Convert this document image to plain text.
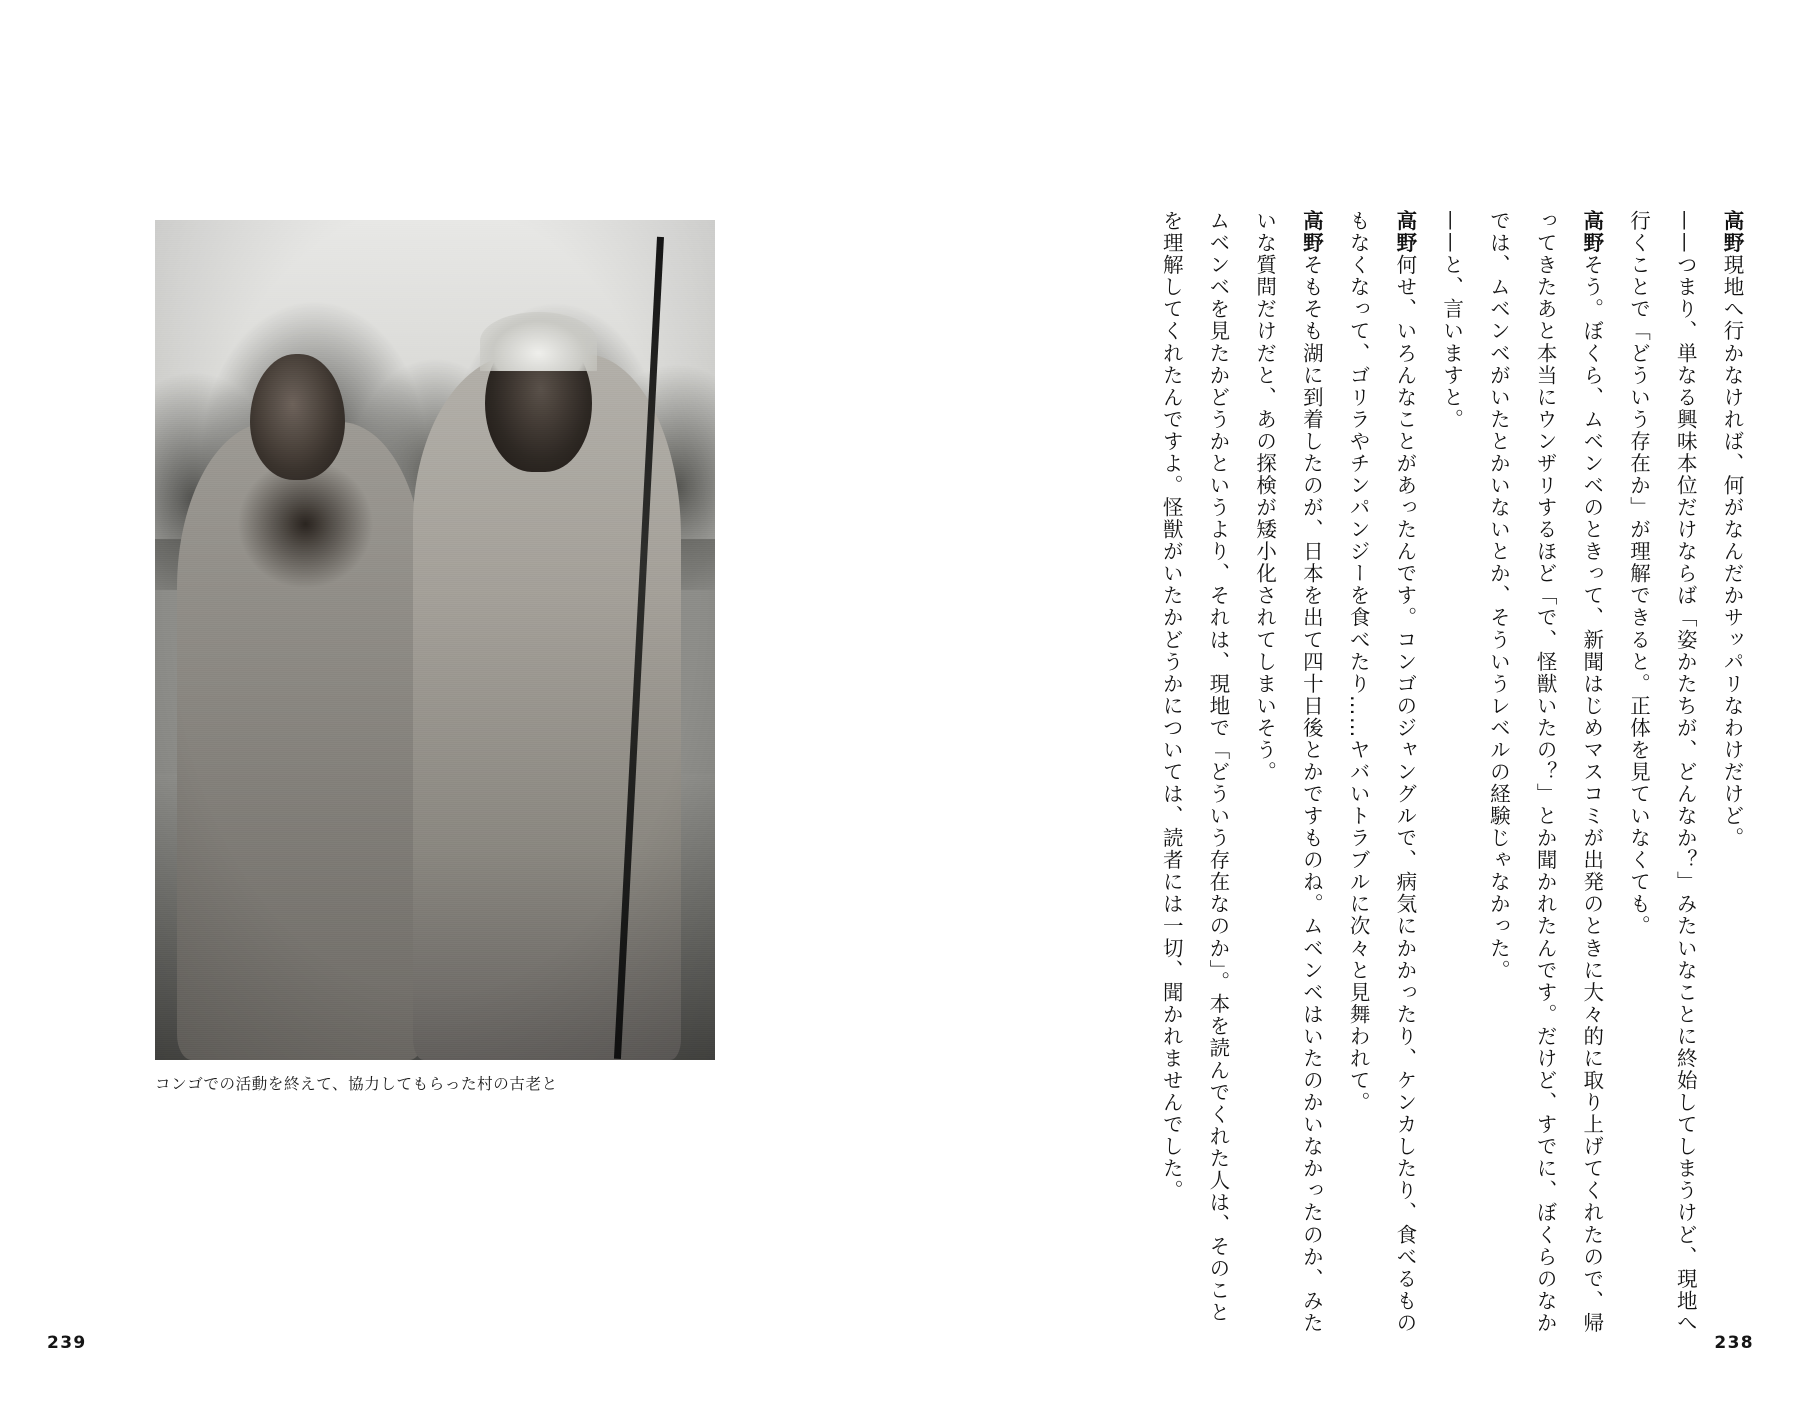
コンゴでの活動を終えて、協力してもらった村の古老と
239
高野現地へ行かなければ、何がなんだかサッパリなわけだけど。
——つまり、単なる興味本位だけならば「姿かたちが、どんなか？」みたいなことに終始してしまうけど、現地へ行くことで「どういう存在か」が理解できると。正体を見ていなくても。
高野そう。ぼくら、ムベンベのときって、新聞はじめマスコミが出発のときに大々的に取り上げてくれたので、帰ってきたあと本当にウンザリするほど「で、怪獣いたの？」とか聞かれたんです。だけど、すでに、ぼくらのなかでは、ムベンベがいたとかいないとか、そういうレベルの経験じゃなかった。
——と、言いますと。
高野何せ、いろんなことがあったんです。コンゴのジャングルで、病気にかかったり、ケンカしたり、食べるものもなくなって、ゴリラやチンパンジーを食べたり……ヤバいトラブルに次々と見舞われて。
高野そもそも湖に到着したのが、日本を出て四十日後とかですものね。ムベンベはいたのかいなかったのか、みたいな質問だけだと、あの探検が矮小化されてしまいそう。
ムベンベを見たかどうかというより、それは、現地で「どういう存在なのか」。本を読んでくれた人は、そのことを理解してくれたんですよ。怪獣がいたかどうかについては、読者には一切、聞かれませんでした。
238
